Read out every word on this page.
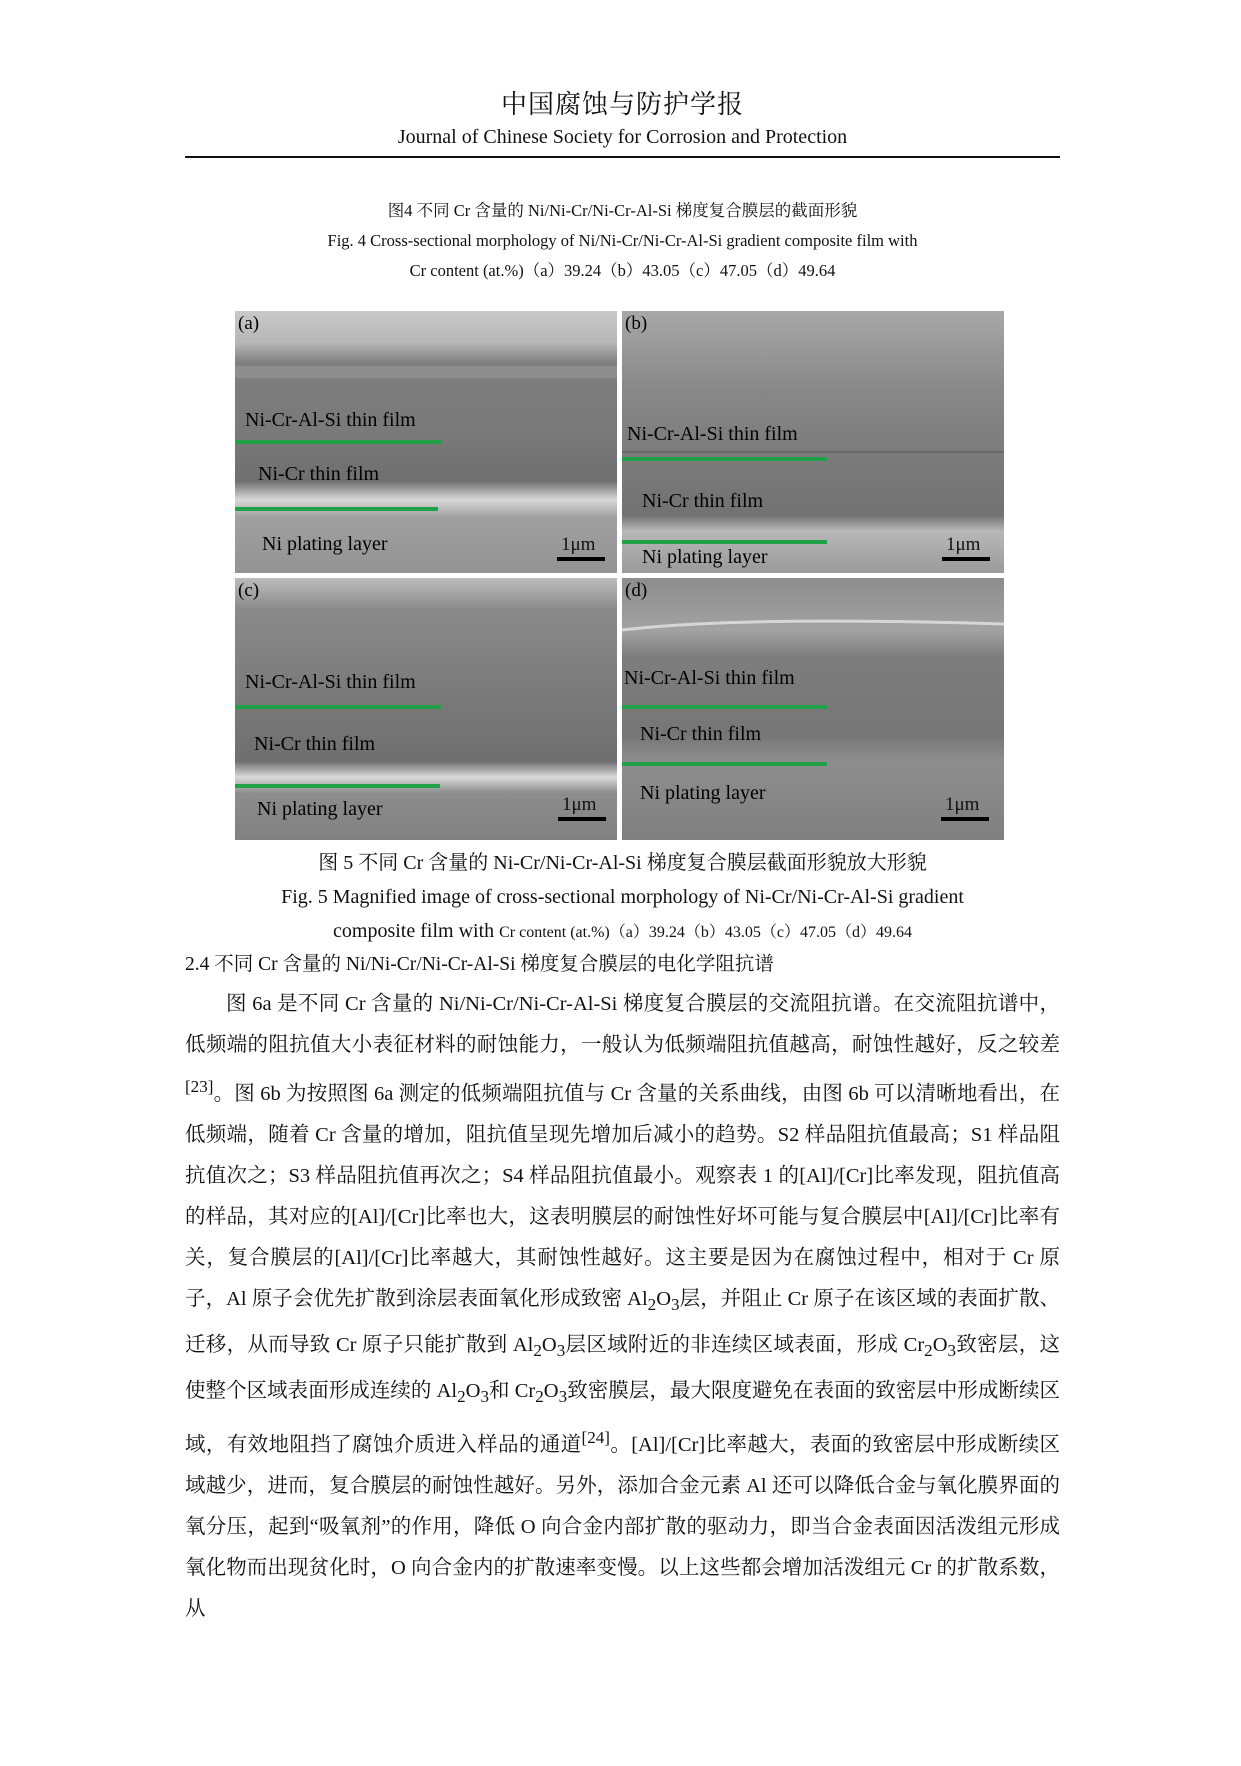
中国腐蚀与防护学报
Journal of Chinese Society for Corrosion and Protection
图4 不同 Cr 含量的 Ni/Ni-Cr/Ni-Cr-Al-Si 梯度复合膜层的截面形貌
Fig. 4 Cross-sectional morphology of Ni/Ni-Cr/Ni-Cr-Al-Si gradient composite film with
Cr content (at.%)（a）39.24（b）43.05（c）47.05（d）49.64
(a)
Ni-Cr-Al-Si thin film
Ni-Cr thin film
Ni plating layer	1μm
(b)
Ni-Cr-Al-Si thin film
Ni-Cr thin film
Ni plating layer
1μm
(c)
Ni-Cr-Al-Si thin film
Ni-Cr thin film
Ni plating layer	1μm
(d)
Ni-Cr-Al-Si thin film
Ni-Cr thin film
Ni plating layer
1μm
图 5 不同 Cr 含量的 Ni-Cr/Ni-Cr-Al-Si 梯度复合膜层截面形貌放大形貌
Fig. 5 Magnified image of cross-sectional morphology of Ni-Cr/Ni-Cr-Al-Si gradient
composite film with Cr content (at.%)（a）39.24（b）43.05（c）47.05（d）49.64
2.4 不同 Cr 含量的 Ni/Ni-Cr/Ni-Cr-Al-Si 梯度复合膜层的电化学阻抗谱

图 6a 是不同 Cr 含量的 Ni/Ni-Cr/Ni-Cr-Al-Si 梯度复合膜层的交流阻抗谱。在交流阻抗谱中，低频端的阻抗值大小表征材料的耐蚀能力，一般认为低频端阻抗值越高，耐蚀性越好，反之较差[23]。图 6b 为按照图 6a 测定的低频端阻抗值与 Cr 含量的关系曲线，由图 6b 可以清晰地看出，在低频端，随着 Cr 含量的增加，阻抗值呈现先增加后减小的趋势。S2 样品阻抗值最高；S1 样品阻抗值次之；S3 样品阻抗值再次之；S4 样品阻抗值最小。观察表 1 的[Al]/[Cr]比率发现，阻抗值高的样品，其对应的[Al]/[Cr]比率也大，这表明膜层的耐蚀性好坏可能与复合膜层中[Al]/[Cr]比率有关，复合膜层的[Al]/[Cr]比率越大，其耐蚀性越好。这主要是因为在腐蚀过程中，相对于 Cr 原子，Al 原子会优先扩散到涂层表面氧化形成致密 $Al_2O_3$层，并阻止 Cr 原子在该区域的表面扩散、迁移，从而导致 Cr 原子只能扩散到 $Al_2O_3$层区域附近的非连续区域表面，形成 $Cr_2O_3$致密层，这使整个区域表面形成连续的 $Al_2O_3$和 $Cr_2O_3$致密膜层，最大限度避免在表面的致密层中形成断续区域，有效地阻挡了腐蚀介质进入样品的通道[24]。[Al]/[Cr]比率越大，表面的致密层中形成断续区域越少，进而，复合膜层的耐蚀性越好。另外，添加合金元素 Al 还可以降低合金与氧化膜界面的氧分压，起到“吸氧剂”的作用，降低 O 向合金内部扩散的驱动力，即当合金表面因活泼组元形成氧化物而出现贫化时，O 向合金内的扩散速率变慢。以上这些都会增加活泼组元 Cr 的扩散系数，从
